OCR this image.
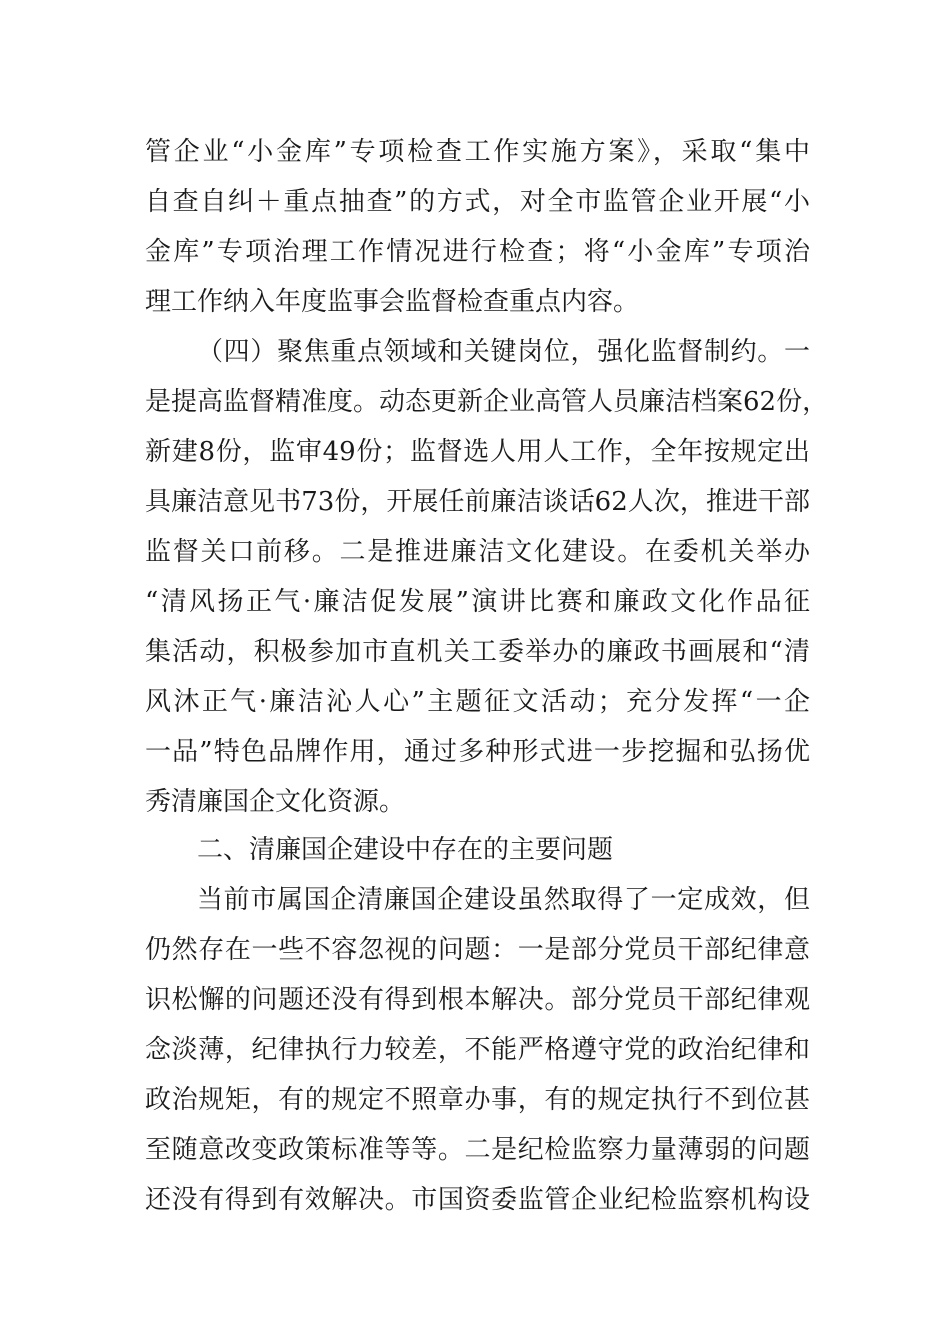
管企业“小金库”专项检查工作实施方案》，采取“集中
自查自纠＋重点抽查”的方式，对全市监管企业开展“小
金库”专项治理工作情况进行检查；将“小金库”专项治
理工作纳入年度监事会监督检查重点内容。
（四）聚焦重点领域和关键岗位，强化监督制约。一
是提高监督精准度。动态更新企业高管人员廉洁档案62份，
新建8份，监审49份；监督选人用人工作，全年按规定出
具廉洁意见书73份，开展任前廉洁谈话62人次，推进干部
监督关口前移。二是推进廉洁文化建设。在委机关举办
“清风扬正气·廉洁促发展”演讲比赛和廉政文化作品征
集活动，积极参加市直机关工委举办的廉政书画展和“清
风沐正气·廉洁沁人心”主题征文活动；充分发挥“一企
一品”特色品牌作用，通过多种形式进一步挖掘和弘扬优
秀清廉国企文化资源。
二、清廉国企建设中存在的主要问题
当前市属国企清廉国企建设虽然取得了一定成效，但
仍然存在一些不容忽视的问题：一是部分党员干部纪律意
识松懈的问题还没有得到根本解决。部分党员干部纪律观
念淡薄，纪律执行力较差，不能严格遵守党的政治纪律和
政治规矩，有的规定不照章办事，有的规定执行不到位甚
至随意改变政策标准等等。二是纪检监察力量薄弱的问题
还没有得到有效解决。市国资委监管企业纪检监察机构设
